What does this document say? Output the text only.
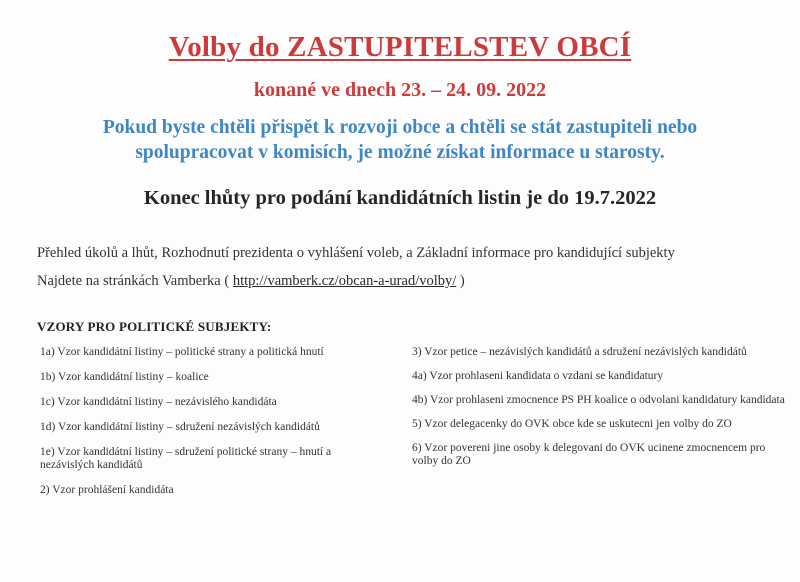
Volby do ZASTUPITELSTEV OBCÍ
konané ve dnech 23. – 24. 09. 2022
Pokud byste chtěli přispět k rozvoji obce a chtěli se stát zastupiteli nebo
spolupracovat v komisích, je možné získat informace u starosty.
Konec lhůty pro podání kandidátních listin je do 19.7.2022
Přehled úkolů a lhůt, Rozhodnutí prezidenta o vyhlášení voleb, a Základní informace pro kandidující subjekty
Najdete na stránkách Vamberka ( http://vamberk.cz/obcan-a-urad/volby/ )
VZORY PRO POLITICKÉ SUBJEKTY:
1a) Vzor kandidátní listiny – politické strany a politická hnutí
1b) Vzor kandidátní listiny – koalice
1c) Vzor kandidátní listiny – nezávislého kandidáta
1d) Vzor kandidátní listiny – sdružení nezávislých kandidátů
1e) Vzor kandidátní listiny – sdružení politické strany – hnutí a nezávislých kandidátů
2) Vzor prohlášení kandidáta
3) Vzor petice – nezávislých kandidátů a sdružení nezávislých kandidátů
4a) Vzor prohlaseni kandidata o vzdani se kandidatury
4b) Vzor prohlaseni zmocnence PS PH koalice o odvolani kandidatury kandidata
5) Vzor delegacenky do OVK obce kde se uskutecni jen volby do ZO
6) Vzor povereni jine osoby k delegovani do OVK ucinene zmocnencem pro volby do ZO
